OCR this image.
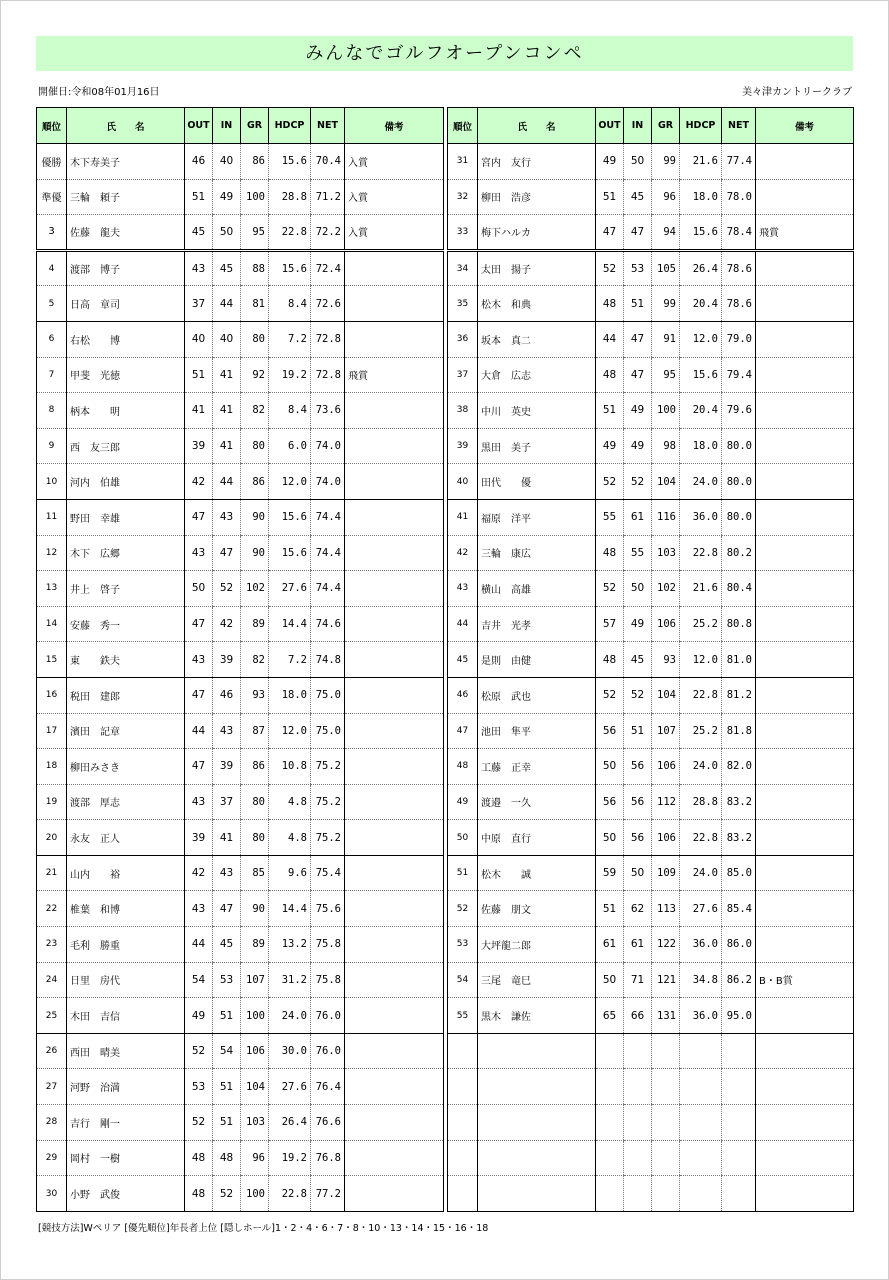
みんなでゴルフオープンコンペ
開催日:令和08年01月16日	美々津カントリークラブ
順位	氏　　名	OUT	IN	GR	HDCP	NET	備考
優勝	木下寿美子	46	40	86	15.6	70.4	入賞
準優	三輪　頼子	51	49	100	28.8	71.2	入賞
3	佐藤　龍夫	45	50	95	22.8	72.2	入賞
4	渡部　博子	43	45	88	15.6	72.4	
5	日高　章司	37	44	81	8.4	72.6	
6	右松　　博	40	40	80	7.2	72.8	
7	甲斐　光徳	51	41	92	19.2	72.8	飛賞
8	柄本　　明	41	41	82	8.4	73.6	
9	西　友三郎	39	41	80	6.0	74.0	
10	河内　伯雄	42	44	86	12.0	74.0	
11	野田　幸雄	47	43	90	15.6	74.4	
12	木下　広郷	43	47	90	15.6	74.4	
13	井上　啓子	50	52	102	27.6	74.4	
14	安藤　秀一	47	42	89	14.4	74.6	
15	東　　鉄夫	43	39	82	7.2	74.8	
16	税田　建郎	47	46	93	18.0	75.0	
17	濱田　記章	44	43	87	12.0	75.0	
18	柳田みさき	47	39	86	10.8	75.2	
19	渡部　厚志	43	37	80	4.8	75.2	
20	永友　正人	39	41	80	4.8	75.2	
21	山内　　裕	42	43	85	9.6	75.4	
22	椎葉　和博	43	47	90	14.4	75.6	
23	毛利　勝重	44	45	89	13.2	75.8	
24	日里　房代	54	53	107	31.2	75.8	
25	木田　吉信	49	51	100	24.0	76.0	
26	西田　晴美	52	54	106	30.0	76.0	
27	河野　治満	53	51	104	27.6	76.4	
28	吉行　剛一	52	51	103	26.4	76.6	
29	岡村　一樹	48	48	96	19.2	76.8	
30	小野　武俊	48	52	100	22.8	77.2	
順位	氏　　名	OUT	IN	GR	HDCP	NET	備考
31	宮内　友行	49	50	99	21.6	77.4	
32	柳田　浩彦	51	45	96	18.0	78.0	
33	梅下ハルカ	47	47	94	15.6	78.4	飛賞
34	太田　揚子	52	53	105	26.4	78.6	
35	松木　和典	48	51	99	20.4	78.6	
36	坂本　真二	44	47	91	12.0	79.0	
37	大倉　広志	48	47	95	15.6	79.4	
38	中川　英史	51	49	100	20.4	79.6	
39	黒田　美子	49	49	98	18.0	80.0	
40	田代　　優	52	52	104	24.0	80.0	
41	福原　洋平	55	61	116	36.0	80.0	
42	三輪　康広	48	55	103	22.8	80.2	
43	横山　高雄	52	50	102	21.6	80.4	
44	吉井　光孝	57	49	106	25.2	80.8	
45	是則　由健	48	45	93	12.0	81.0	
46	松原　武也	52	52	104	22.8	81.2	
47	池田　隼平	56	51	107	25.2	81.8	
48	工藤　正幸	50	56	106	24.0	82.0	
49	渡邉　一久	56	56	112	28.8	83.2	
50	中原　直行	50	56	106	22.8	83.2	
51	松木　　誠	59	50	109	24.0	85.0	
52	佐藤　朋文	51	62	113	27.6	85.4	
53	大坪龍二郎	61	61	122	36.0	86.0	
54	三尾　竜巳	50	71	121	34.8	86.2	B・B賞
55	黒木　謙佐	65	66	131	36.0	95.0	

[競技方法]Wペリア [優先順位]年長者上位 [隠しホール]1・2・4・6・7・8・10・13・14・15・16・18
